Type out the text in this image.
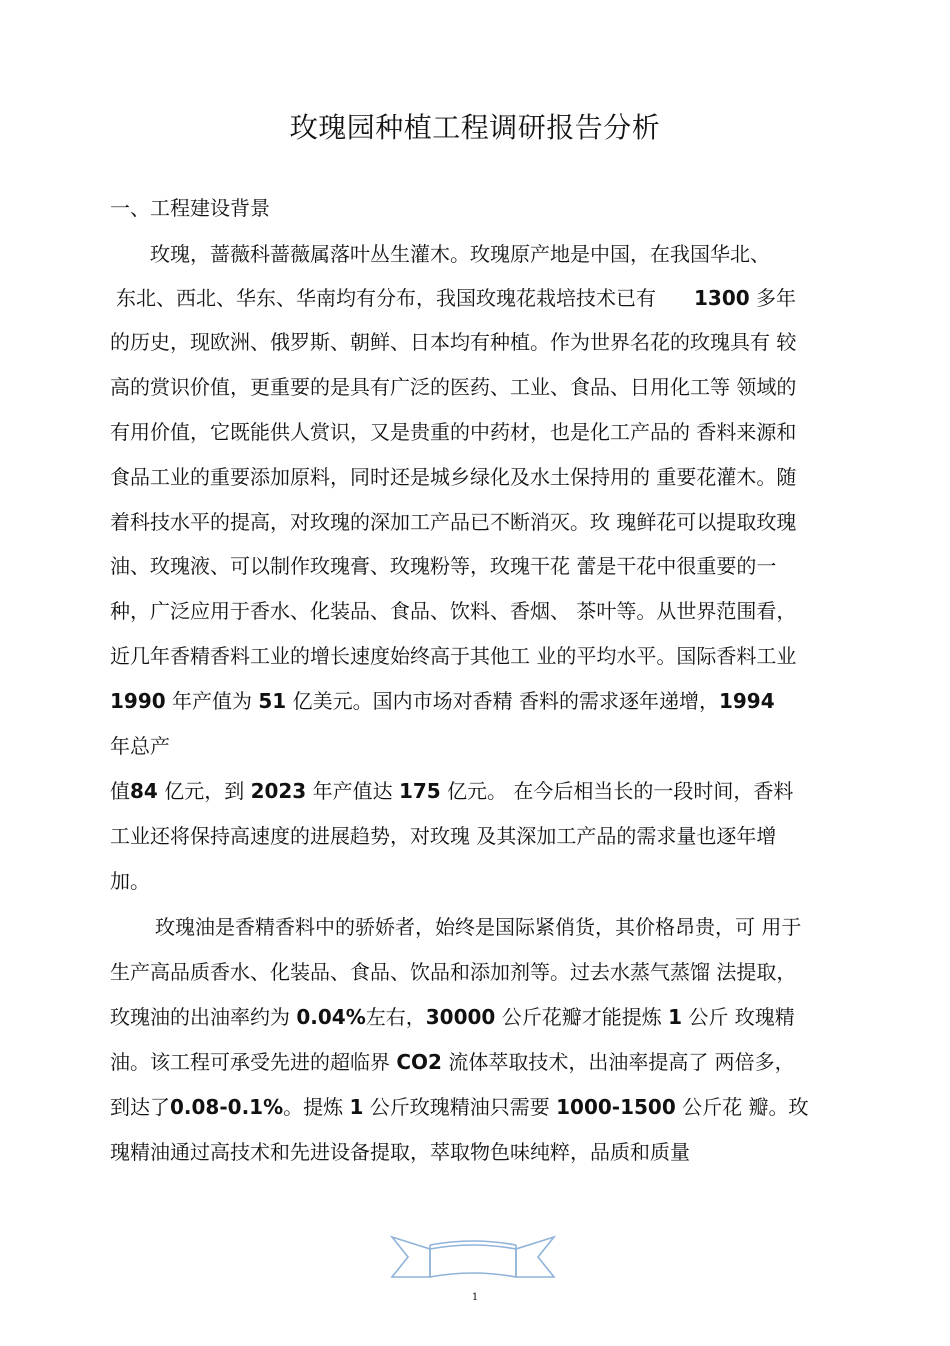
玫瑰园种植工程调研报告分析
一、工程建设背景
玫瑰，蔷薇科蔷薇属落叶丛生灌木。玫瑰原产地是中国，在我国华北、
东北、西北、华东、华南均有分布，我国玫瑰花栽培技术已有 1300 多年
的历史，现欧洲、俄罗斯、朝鲜、日本均有种植。作为世界名花的玫瑰具有 较
高的赏识价值，更重要的是具有广泛的医药、工业、食品、日用化工等 领域的
有用价值，它既能供人赏识，又是贵重的中药材，也是化工产品的 香料来源和
食品工业的重要添加原料，同时还是城乡绿化及水土保持用的 重要花灌木。随
着科技水平的提高，对玫瑰的深加工产品已不断消灭。玫 瑰鲜花可以提取玫瑰
油、玫瑰液、可以制作玫瑰膏、玫瑰粉等，玫瑰干花 蕾是干花中很重要的一
种，广泛应用于香水、化装品、食品、饮料、香烟、 茶叶等。从世界范围看，
近几年香精香料工业的增长速度始终高于其他工 业的平均水平。国际香料工业
1990 年产值为 51 亿美元。国内市场对香精 香料的需求逐年递增，1994
年总产
值84 亿元，到 2023 年产值达 175 亿元。 在今后相当长的一段时间，香料
工业还将保持高速度的进展趋势，对玫瑰 及其深加工产品的需求量也逐年增
加。
玫瑰油是香精香料中的骄娇者，始终是国际紧俏货，其价格昂贵，可 用于
生产高品质香水、化装品、食品、饮品和添加剂等。过去水蒸气蒸馏 法提取，
玫瑰油的出油率约为 0.04%左右，30000 公斤花瓣才能提炼 1 公斤 玫瑰精
油。该工程可承受先进的超临界 CO2 流体萃取技术，出油率提高了 两倍多，
到达了0.08-0.1%。提炼 1 公斤玫瑰精油只需要 1000-1500 公斤花 瓣。玫
瑰精油通过高技术和先进设备提取，萃取物色味纯粹，品质和质量
1
